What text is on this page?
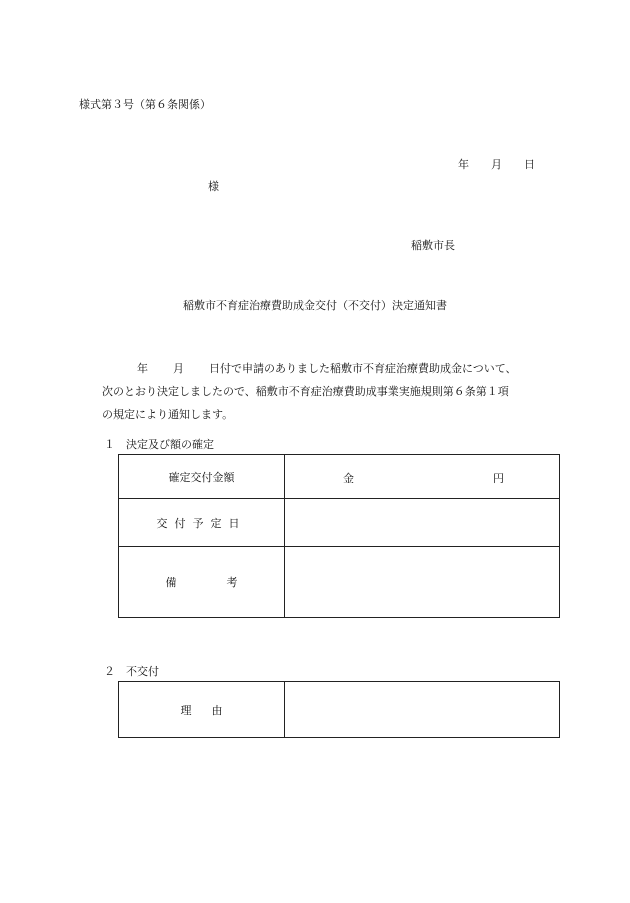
様式第３号（第６条関係）
年 月 日
様
稲敷市長
稲敷市不育症治療費助成金交付（不交付）決定通知書
年 月 日付で申請のありました稲敷市不育症治療費助成金について、
次のとおり決定しましたので、稲敷市不育症治療費助成事業実施規則第６条第１項
の規定により通知します。
１　決定及び額の確定
確定交付金額	金 円

交付予定日	
備 考	
２　不交付
理 由	
